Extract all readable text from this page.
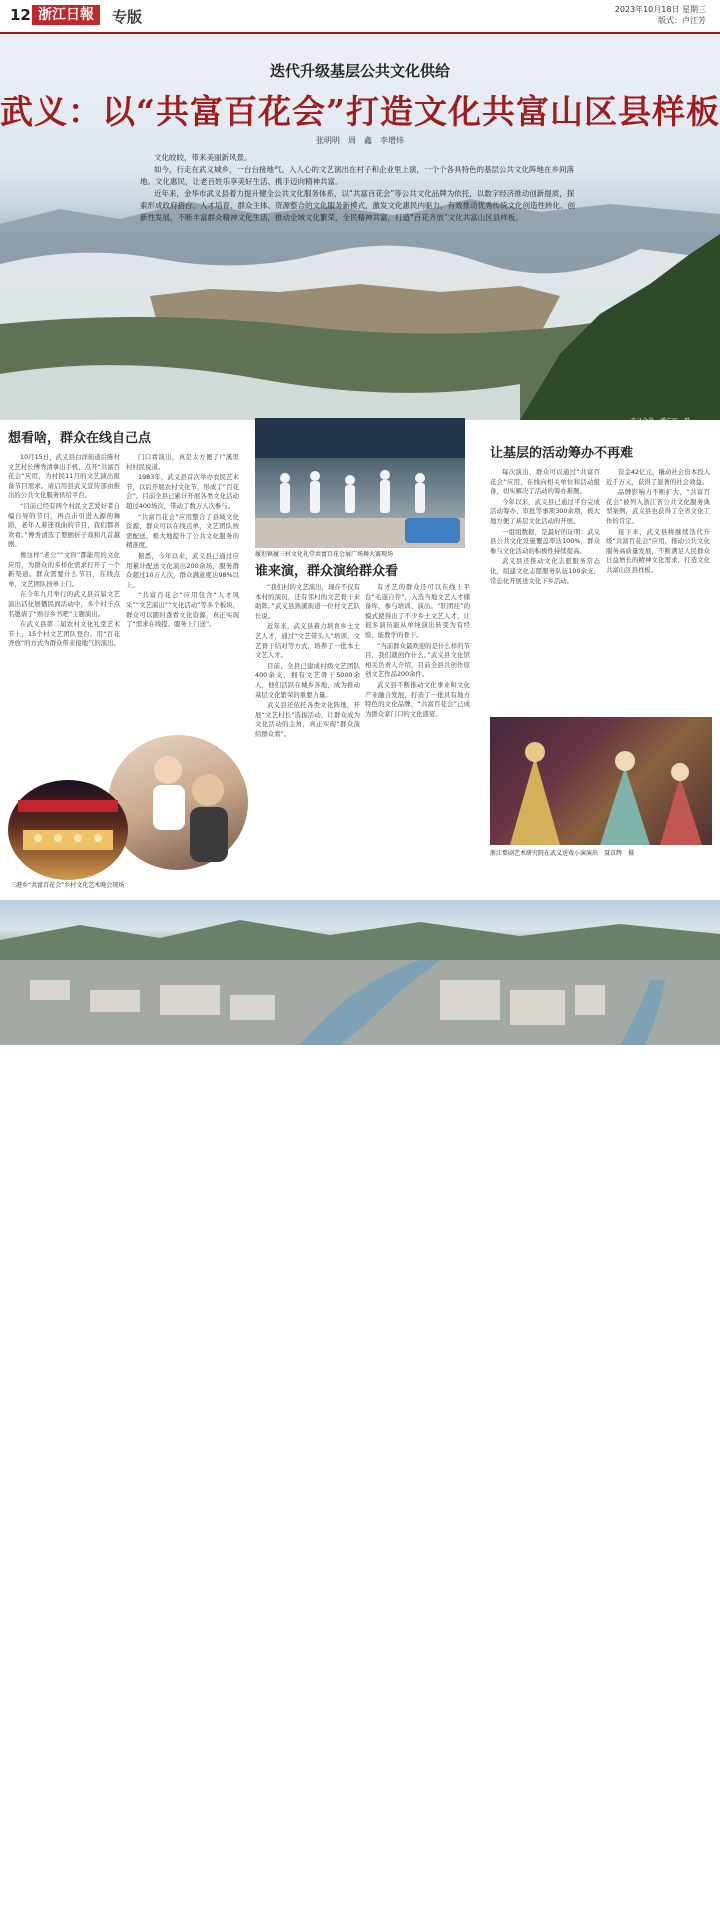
12 浙江日報	专版	2023年10月18日 星期三
版式：卢江芳
迭代升级基层公共文化供给
武义：以“共富百花会”打造文化共富山区县样板
张明明　周　鑫　李增炜

文化皎皎，带来美丽新风景。

如今，行走在武义城乡，一台台接地气、入人心的文艺演出在村子和企业里上演，一个个各具特色的基层公共文化阵地在乡间落地。文化惠民，让老百姓乐享美好生活、携手迈向精神共富。

近年来，金华市武义县着力提升健全公共文化服务体系，以“共富百花会”等公共文化品牌为依托，以数字经济推动创新提质，探索形成政府搭台、人才培育、群众主体、资源整合的文化服务新模式，激发文化惠民内驱力，有效推动优秀传统文化创造性转化、创新性发展，不断丰富群众精神文化生活，推动全域文化繁荣，全民精神共富，打造“百花齐放”文化共富山区县样板。

武义全景　潘广军　摄
想看啥，群众在线自己点

10月15日，武义县白洋街道后陈村文艺村长傅秀清拿出手机，点开“共富百花会”应用，为村民11月的文艺演出报备节目需求。请启用县武义宣传部由推出的公共文化服务供给平台。

“目前已经有两个村民文艺爱好者自编自导的节目，再点击引进入源的舞蹈，老年人着迷戏曲的节目，我们都喜欢看。”傅秀清选了婺剧折子戏和几首越剧。

像这样“老公”“文盲”都能用的文化应用，为群众的多样化需求打开了一个新渠道。群众需要什么节目，在线点单，文艺团队按单上门。

在今年九月举行的武义县首届文艺演出活化展播民间活动中，多个村子点名邀请了“熟谷乡书吧”主题演出。

在武义县第二届农村文化礼堂艺术节上，15个村文艺团队登台，用“百花齐放”的方式为群众带来接地气的演出。

门口看演出，真是太方便了!”溪里村村民说道。

1983年，武义县首次举办农民艺术节，以后开展农村文化节，形成了“百花会”。目前全县已累计开展各类文化活动超过400场次，带动了数万人次参与。

“共富百花会”应用整合了县域文化资源，群众可以在线点单，文艺团队按需配送，极大地提升了公共文化服务的精准度。

据悉，今年以来，武义县已通过应用累计配送文化演出200余场，服务群众超过10万人次，群众满意度达98%以上。

“共富百花会”应用包含“人才风采”“文艺演出”“文化活动”等多个板块，群众可以随时查看文化资源，真正实现了“需求在线提、服务上门送”。

履坦镇履三村文化礼堂共富百花会展广场舞大赛现场
谁来演，群众演给群众看

“我们村的文艺演出，现在不仅有本村的演员，还有邻村的文艺骨干来助阵。”武义县熟溪街道一位村文艺队长说。

近年来，武义县着力培育乡土文艺人才，通过“文艺带头人”培训、文艺骨干结对等方式，培养了一批本土文艺人才。

目前，全县已建成村级文艺团队400余支，拥有文艺骨干5000余人，他们活跃在城乡各地，成为推动基层文化繁荣的重要力量。

武义县还依托各类文化阵地，开展“文艺村长”选拔活动，让群众成为文化活动的主角，真正实现“群众演给群众看”。

有才艺的群众还可以在线上平台“毛遂自荐”，入选当地文艺人才储备库，参与培训、演出。“驻团挂”的模式使得出了不少乡土文艺人才，让很多演员能从单纯演出转变为有经验、能教学的骨干。

“当前群众最欢迎的是什么样的节目，我们就创作什么。”武义县文化馆相关负责人介绍，目前全县共创作原创文艺作品200余件。

武义县不断推动文化事业和文化产业融合发展，打造了一批具有地方特色的文化品牌，“共富百花会”已成为群众家门口的文化盛宴。

让基层的活动筹办不再难

每次演出，群众可以通过“共富百花会”应用，在线向相关单位和活动报备，切实解决了活动的筹办难题。

今年以来，武义县已通过平台完成活动筹办、审批等事项300余项，极大地方便了基层文化活动的开展。

一组组数据，是最好的证明：武义县公共文化设施覆盖率达100%，群众参与文化活动的积极性持续提高。

武义县还推动文化志愿服务常态化，组建文化志愿服务队伍100余支，常态化开展送文化下乡活动。

资金42亿元，撬动社会资本投入近千万元，获得了显著的社会效益。

品牌影响力不断扩大，“共富百花会”被列入浙江省公共文化服务典型案例，武义县也获得了全省文化工作的肯定。

接下来，武义县将继续迭代升级“共富百花会”应用，推动公共文化服务高质量发展，不断满足人民群众日益增长的精神文化需求，打造文化共富山区县样板。

浙江婺剧艺术研究院在武义送戏小演演出　聂京辉　摄
三港乡“共富百花会”乡村文化艺术晚会现场
武义县城　无人机　摄
